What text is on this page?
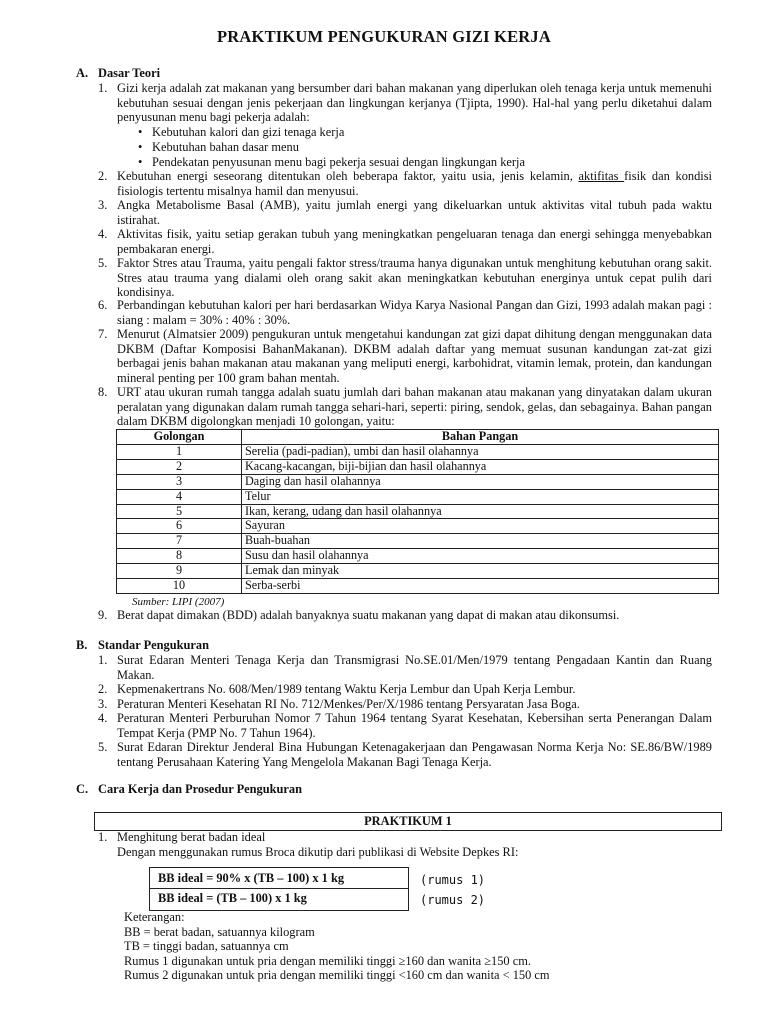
PRAKTIKUM PENGUKURAN GIZI KERJA
A. Dasar Teori
1. Gizi kerja adalah zat makanan yang bersumber dari bahan makanan yang diperlukan oleh tenaga kerja untuk memenuhi kebutuhan sesuai dengan jenis pekerjaan dan lingkungan kerjanya (Tjipta, 1990). Hal-hal yang perlu diketahui dalam penyusunan menu bagi pekerja adalah:
• Kebutuhan kalori dan gizi tenaga kerja
• Kebutuhan bahan dasar menu
• Pendekatan penyusunan menu bagi pekerja sesuai dengan lingkungan kerja
2. Kebutuhan energi seseorang ditentukan oleh beberapa faktor, yaitu usia, jenis kelamin, aktifitas fisik dan kondisi fisiologis tertentu misalnya hamil dan menyusui.
3. Angka Metabolisme Basal (AMB), yaitu jumlah energi yang dikeluarkan untuk aktivitas vital tubuh pada waktu istirahat.
4. Aktivitas fisik, yaitu setiap gerakan tubuh yang meningkatkan pengeluaran tenaga dan energi sehingga menyebabkan pembakaran energi.
5. Faktor Stres atau Trauma, yaitu pengali faktor stress/trauma hanya digunakan untuk menghitung kebutuhan orang sakit. Stres atau trauma yang dialami oleh orang sakit akan meningkatkan kebutuhan energinya untuk cepat pulih dari kondisinya.
6. Perbandingan kebutuhan kalori per hari berdasarkan Widya Karya Nasional Pangan dan Gizi, 1993 adalah makan pagi : siang : malam = 30% : 40% : 30%.
7. Menurut (Almatsier 2009) pengukuran untuk mengetahui kandungan zat gizi dapat dihitung dengan menggunakan data DKBM (Daftar Komposisi BahanMakanan). DKBM adalah daftar yang memuat susunan kandungan zat-zat gizi berbagai jenis bahan makanan atau makanan yang meliputi energi, karbohidrat, vitamin lemak, protein, dan kandungan mineral penting per 100 gram bahan mentah.
8. URT atau ukuran rumah tangga adalah suatu jumlah dari bahan makanan atau makanan yang dinyatakan dalam ukuran peralatan yang digunakan dalam rumah tangga sehari-hari, seperti: piring, sendok, gelas, dan sebagainya. Bahan pangan dalam DKBM digolongkan menjadi 10 golongan, yaitu:
Golongan	Bahan Pangan
1	Serelia (padi-padian), umbi dan hasil olahannya
2	Kacang-kacangan, biji-bijian dan hasil olahannya
3	Daging dan hasil olahannya
4	Telur
5	Ikan, kerang, udang dan hasil olahannya
6	Sayuran
7	Buah-buahan
8	Susu dan hasil olahannya
9	Lemak dan minyak
10	Serba-serbi
Sumber: LIPI (2007)
9. Berat dapat dimakan (BDD) adalah banyaknya suatu makanan yang dapat di makan atau dikonsumsi.
B. Standar Pengukuran
1. Surat Edaran Menteri Tenaga Kerja dan Transmigrasi No.SE.01/Men/1979 tentang Pengadaan Kantin dan Ruang Makan.
2. Kepmenakertrans No. 608/Men/1989 tentang Waktu Kerja Lembur dan Upah Kerja Lembur.
3. Peraturan Menteri Kesehatan RI No. 712/Menkes/Per/X/1986 tentang Persyaratan Jasa Boga.
4. Peraturan Menteri Perburuhan Nomor 7 Tahun 1964 tentang Syarat Kesehatan, Kebersihan serta Penerangan Dalam Tempat Kerja (PMP No. 7 Tahun 1964).
5. Surat Edaran Direktur Jenderal Bina Hubungan Ketenagakerjaan dan Pengawasan Norma Kerja No: SE.86/BW/1989 tentang Perusahaan Katering Yang Mengelola Makanan Bagi Tenaga Kerja.
C. Cara Kerja dan Prosedur Pengukuran
PRAKTIKUM 1
1. Menghitung berat badan ideal
Dengan menggunakan rumus Broca dikutip dari publikasi di Website Depkes RI:
BB ideal = 90% x (TB – 100) x 1 kg
BB ideal = (TB – 100) x 1 kg
(rumus 1)
(rumus 2)
Keterangan:
BB = berat badan, satuannya kilogram
TB = tinggi badan, satuannya cm
Rumus 1 digunakan untuk pria dengan memiliki tinggi ≥160 dan wanita ≥150 cm.
Rumus 2 digunakan untuk pria dengan memiliki tinggi <160 cm dan wanita < 150 cm
